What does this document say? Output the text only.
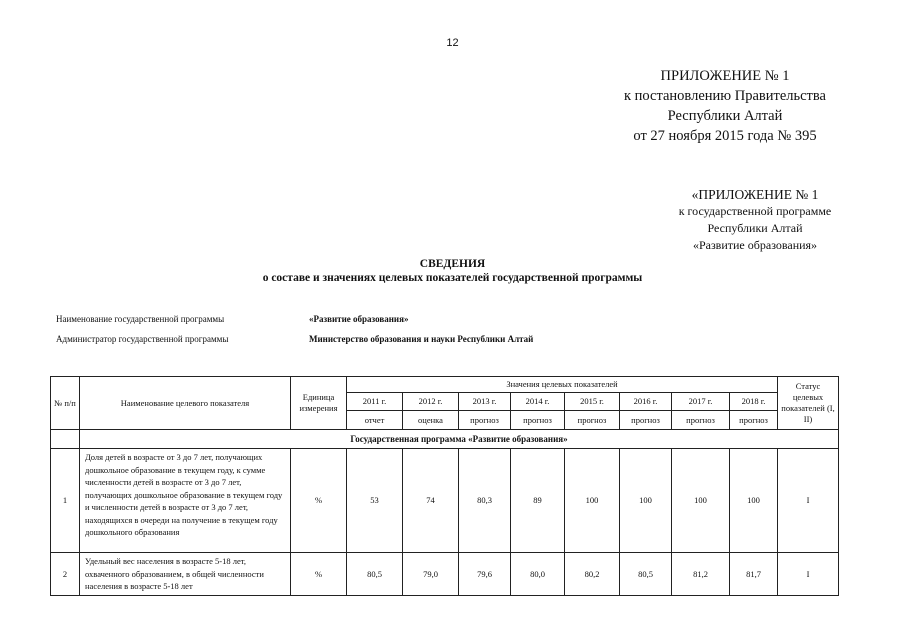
12
ПРИЛОЖЕНИЕ № 1
к постановлению Правительства
Республики Алтай
от 27 ноября 2015 года № 395
«ПРИЛОЖЕНИЕ № 1
к государственной программе
Республики Алтай
«Развитие образования»
СВЕДЕНИЯ
о составе и значениях целевых показателей государственной программы
Наименование государственной программы	«Развитие образования»
Администратор государственной программы	Министерство образования и науки Республики Алтай
№ п/п	Наименование целевого показателя	Единица измерения	Значения целевых показателей								Статус целевых показателей (I, II)
			2011 г.	2012 г.	2013 г.	2014 г.	2015 г.	2016 г.	2017 г.	2018 г.	
			отчет	оценка	прогноз	прогноз	прогноз	прогноз	прогноз	прогноз	
	Государственная программа «Развитие образования»										
1	Доля детей в возрасте от 3 до 7 лет, получающих дошкольное образование в текущем году, к сумме численности детей в возрасте от 3 до 7 лет, получающих дошкольное образование в текущем году и численности детей в возрасте от 3 до 7 лет, находящихся в очереди на получение в текущем году дошкольного образования	%	53	74	80,3	89	100	100	100	100	I
2	Удельный вес населения в возрасте 5-18 лет, охваченного образованием, в общей численности населения в возрасте 5-18 лет	%	80,5	79,0	79,6	80,0	80,2	80,5	81,2	81,7	I
